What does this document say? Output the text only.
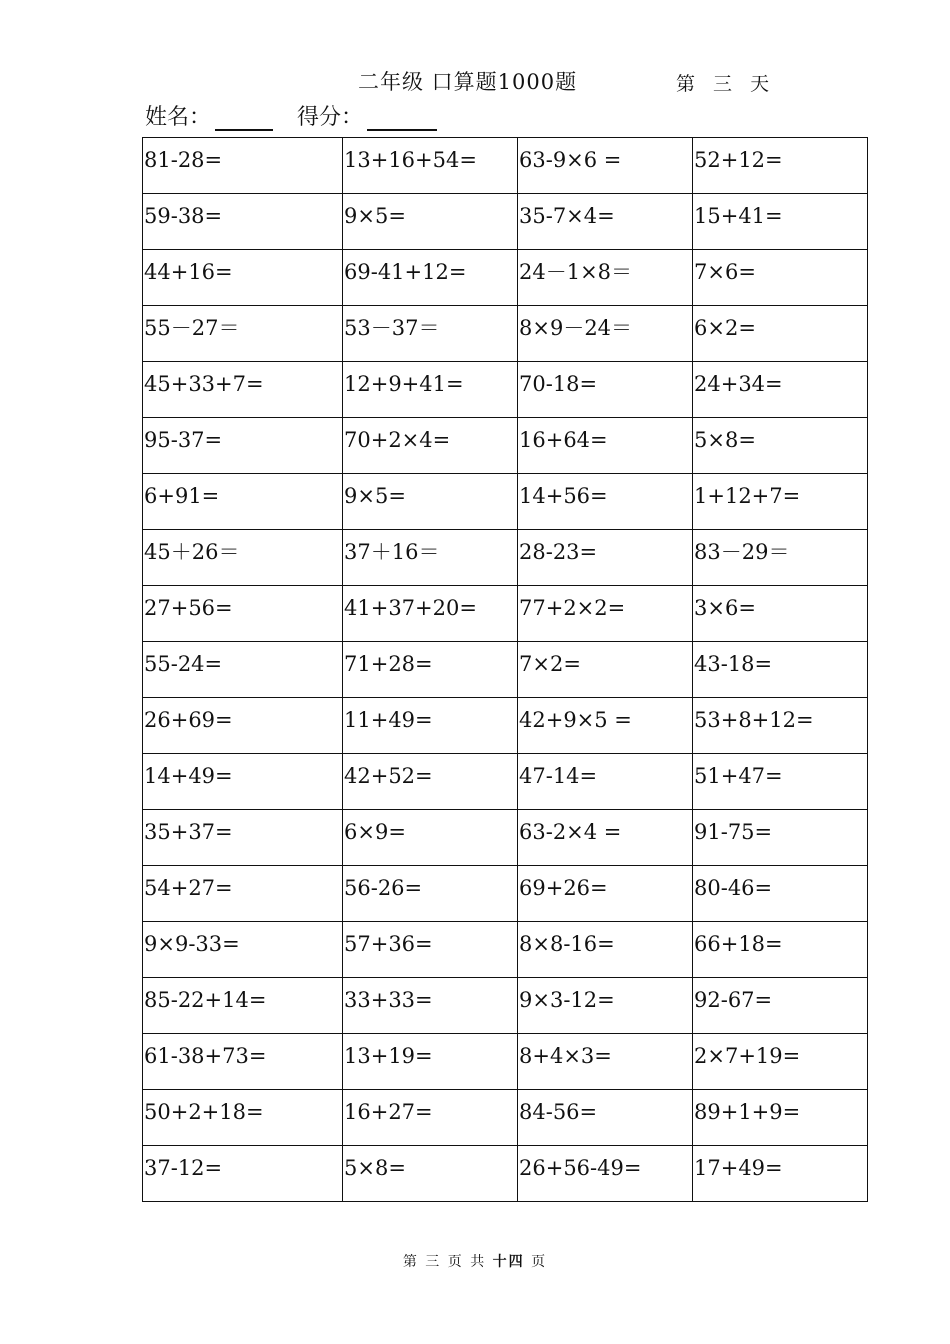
二年级 口算题1000题	第 三 天
姓名：	得分：
81-28=	13+16+54=	63-9×6 =	52+12=

59-38=	9×5=	35-7×4=	15+41=

44+16=	69-41+12=	24－1×8＝	7×6=

55－27＝	53－37＝	8×9－24＝	6×2=

45+33+7=	12+9+41=	70-18=	24+34=

95-37=	70+2×4=	16+64=	5×8=

6+91=	9×5=	14+56=	1+12+7=

45＋26＝	37＋16＝	28-23=	83－29＝

27+56=	41+37+20=	77+2×2=	3×6=

55-24=	71+28=	7×2=	43-18=

26+69=	11+49=	42+9×5 =	53+8+12=

14+49=	42+52=	47-14=	51+47=

35+37=	6×9=	63-2×4 =	91-75=

54+27=	56-26=	69+26=	80-46=

9×9-33=	57+36=	8×8-16=	66+18=

85-22+14=	33+33=	9×3-12=	92-67=

61-38+73=	13+19=	8+4×3=	2×7+19=

50+2+18=	16+27=	84-56=	89+1+9=

37-12=	5×8=	26+56-49=	17+49=
第 三 页 共 十四 页
